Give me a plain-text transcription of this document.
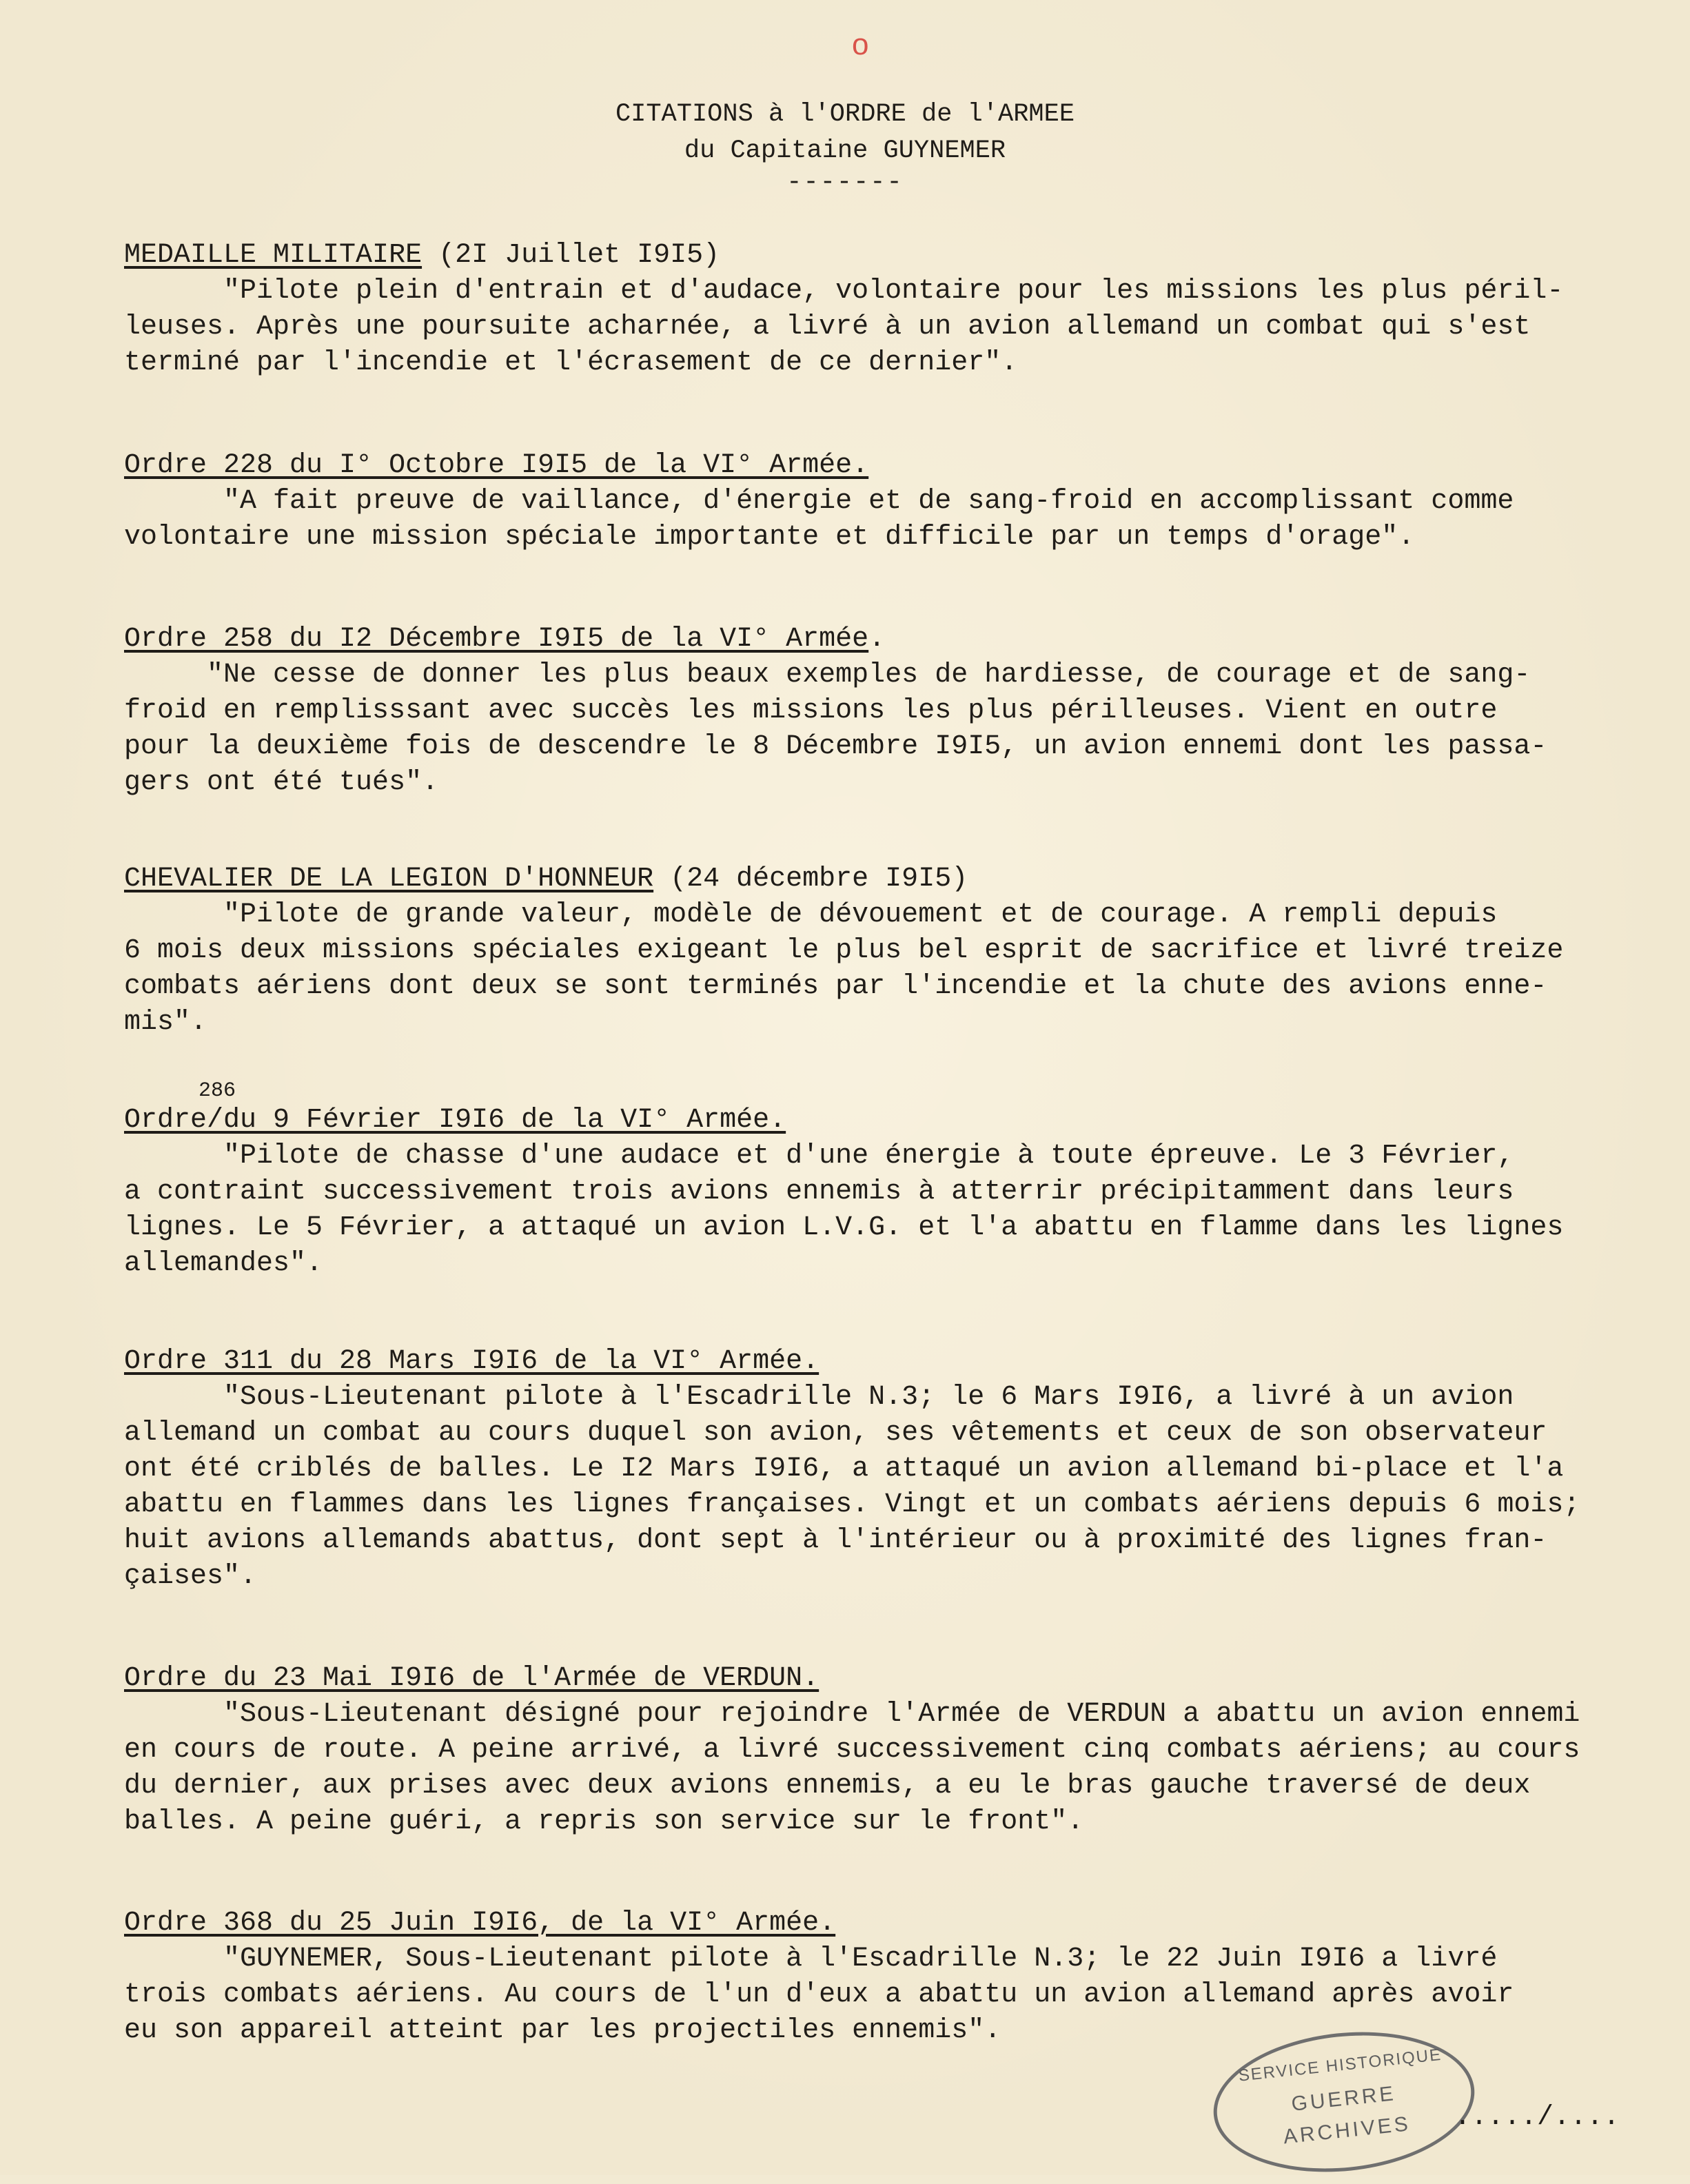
o
CITATIONS à l'ORDRE de l'ARMEE
du Capitaine GUYNEMER
-------
MEDAILLE MILITAIRE (2I Juillet I9I5)
"Pilote plein d'entrain et d'audace, volontaire pour les missions les plus péril-
leuses. Après une poursuite acharnée, a livré à un avion allemand un combat qui s'est
terminé par l'incendie et l'écrasement de ce dernier".
Ordre 228 du I° Octobre I9I5 de la VI° Armée.
"A fait preuve de vaillance, d'énergie et de sang-froid en accomplissant comme
volontaire une mission spéciale importante et difficile par un temps d'orage".
Ordre 258 du I2 Décembre I9I5 de la VI° Armée.
"Ne cesse de donner les plus beaux exemples de hardiesse, de courage et de sang-
froid en remplisssant avec succès les missions les plus périlleuses. Vient en outre
pour la deuxième fois de descendre le 8 Décembre I9I5, un avion ennemi dont les passa-
gers ont été tués".
CHEVALIER DE LA LEGION D'HONNEUR (24 décembre I9I5)
"Pilote de grande valeur, modèle de dévouement et de courage. A rempli depuis
6 mois deux missions spéciales exigeant le plus bel esprit de sacrifice et livré treize
combats aériens dont deux se sont terminés par l'incendie et la chute des avions enne-
mis".
286
Ordre/du 9 Février I9I6 de la VI° Armée.
"Pilote de chasse d'une audace et d'une énergie à toute épreuve. Le 3 Février,
a contraint successivement trois avions ennemis à atterrir précipitamment dans leurs
lignes. Le 5 Février, a attaqué un avion L.V.G. et l'a abattu en flamme dans les lignes
allemandes".
Ordre 311 du 28 Mars I9I6 de la VI° Armée.
"Sous-Lieutenant pilote à l'Escadrille N.3; le 6 Mars I9I6, a livré à un avion
allemand un combat au cours duquel son avion, ses vêtements et ceux de son observateur
ont été criblés de balles. Le I2 Mars I9I6, a attaqué un avion allemand bi-place et l'a
abattu en flammes dans les lignes françaises. Vingt et un combats aériens depuis 6 mois;
huit avions allemands abattus, dont sept à l'intérieur ou à proximité des lignes fran-
çaises".
Ordre du 23 Mai I9I6 de l'Armée de VERDUN.
"Sous-Lieutenant désigné pour rejoindre l'Armée de VERDUN a abattu un avion ennemi
en cours de route. A peine arrivé, a livré successivement cinq combats aériens; au cours
du dernier, aux prises avec deux avions ennemis, a eu le bras gauche traversé de deux
balles. A peine guéri, a repris son service sur le front".
Ordre 368 du 25 Juin I9I6, de la VI° Armée.
"GUYNEMER, Sous-Lieutenant pilote à l'Escadrille N.3; le 22 Juin I9I6 a livré
trois combats aériens. Au cours de l'un d'eux a abattu un avion allemand après avoir
eu son appareil atteint par les projectiles ennemis".
SERVICE HISTORIQUE
GUERRE
ARCHIVES	...../....
